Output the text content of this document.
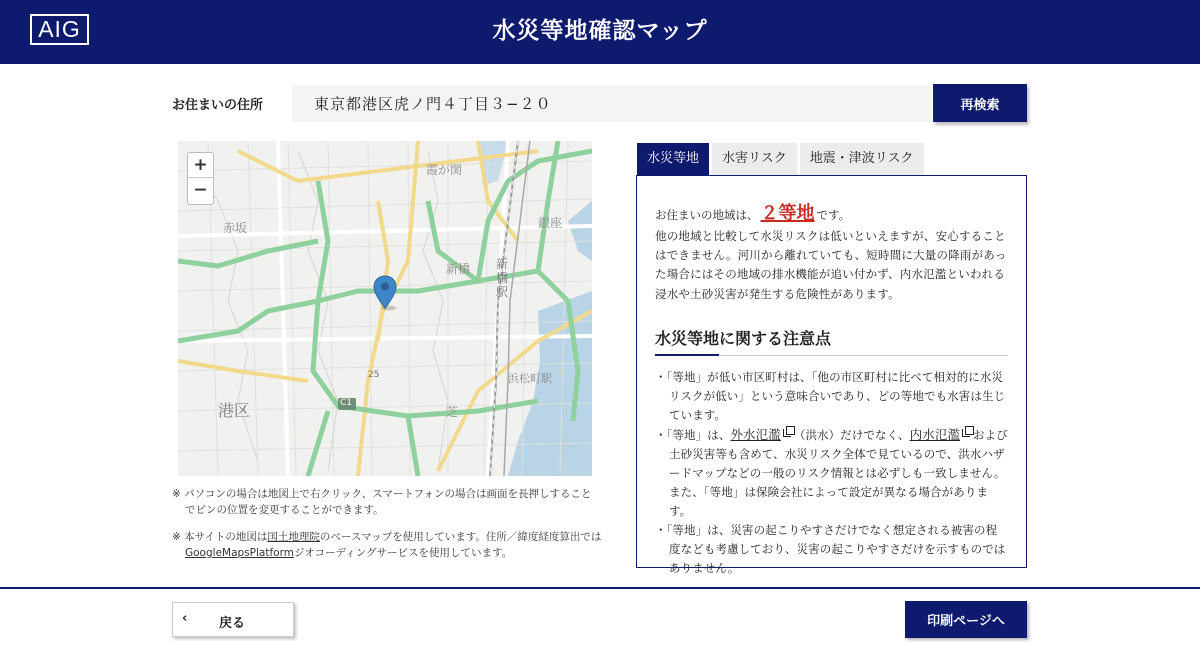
AIG	水災等地確認マップ
お住まいの住所
東京都港区虎ノ門４丁目３−２０	再検索
霞が関
赤坂	銀座
新橋 新橋駅
港区	芝
浜松町駅
25
C1
+
−

※ パソコンの場合は地図上で右クリック、スマートフォンの場合は画面を長押しすることでピンの位置を変更することができます。

※ 本サイトの地図は国土地理院のベースマップを使用しています。住所／緯度経度算出ではGoogleMapsPlatformジオコーディングサービスを使用しています。

水災等地	水害リスク	地震・津波リスク
お住まいの地域は、 ２等地 です。
他の地域と比較して水災リスクは低いといえますが、安心することはできません。河川から離れていても、短時間に大量の降雨があった場合にはその地域の排水機能が追い付かず、内水氾濫といわれる浸水や土砂災害が発生する危険性があります。
水災等地に関する注意点
・「等地」が低い市区町村は、「他の市区町村に比べて相対的に水災リスクが低い」という意味合いであり、どの等地でも水害は生じています。
・「等地」は、外水氾濫 （洪水）だけでなく、内水氾濫 および土砂災害等も含めて、水災リスク全体で見ているので、洪水ハザードマップなどの一般のリスク情報とは必ずしも一致しません。また、「等地」は保険会社によって設定が異なる場合があります。
・「等地」は、災害の起こりやすさだけでなく想定される被害の程度なども考慮しており、災害の起こりやすさだけを示すものではありません。
‹ 戻る	印刷ページへ
